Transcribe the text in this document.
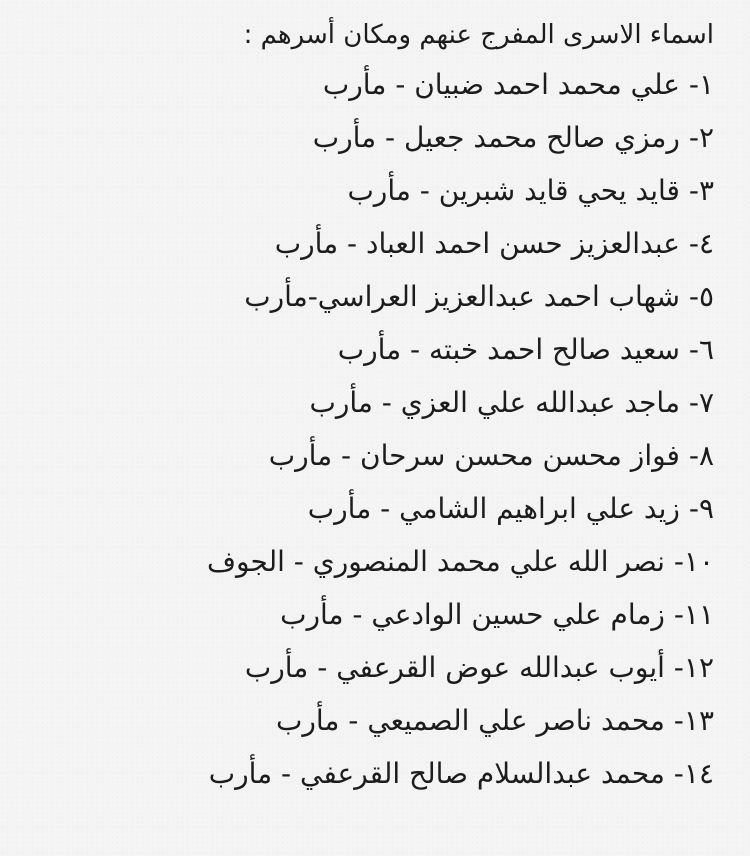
اسماء الاسرى المفرج عنهم ومكان أسرهم :
١- علي محمد احمد ضبيان - مأرب
٢- رمزي صالح محمد جعيل - مأرب
٣- قايد يحي قايد شبرين - مأرب
٤- عبدالعزيز حسن احمد العباد - مأرب
٥- شهاب احمد عبدالعزيز العراسي-مأرب
٦- سعيد صالح احمد خبته - مأرب
٧- ماجد عبدالله علي العزي - مأرب
٨- فواز محسن محسن سرحان - مأرب
٩- زيد علي ابراهيم الشامي - مأرب
١٠- نصر الله علي محمد المنصوري - الجوف
١١- زمام علي حسين الوادعي - مأرب
١٢- أيوب عبدالله عوض القرعفي - مأرب
١٣- محمد ناصر علي الصميعي - مأرب
١٤- محمد عبدالسلام صالح القرعفي - مأرب
